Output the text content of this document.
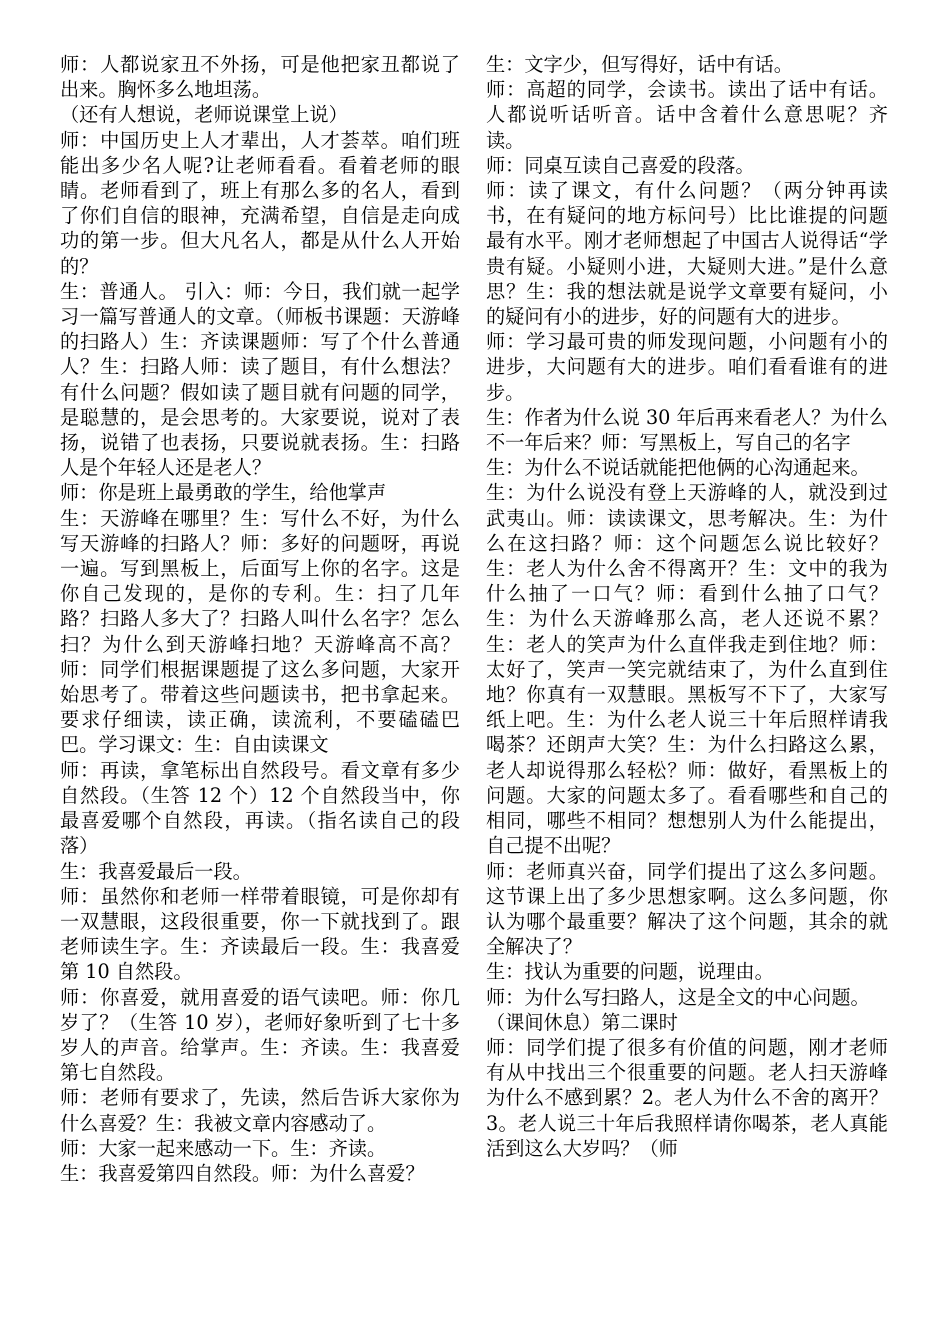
师：人都说家丑不外扬，可是他把家丑都说了出来。胸怀多么地坦荡。

（还有人想说，老师说课堂上说）

师：中国历史上人才辈出，人才荟萃。咱们班能出多少名人呢?让老师看看。看着老师的眼睛。老师看到了，班上有那么多的名人，看到了你们自信的眼神，充满希望，自信是走向成功的第一步。但大凡名人，都是从什么人开始的？

生：普通人。 引入：师：今日，我们就一起学习一篇写普通人的文章。（师板书课题：天游峰的扫路人）生：齐读课题师：写了个什么普通人？生：扫路人师：读了题目，有什么想法？有什么问题？假如读了题目就有问题的同学，是聪慧的，是会思考的。大家要说，说对了表扬，说错了也表扬，只要说就表扬。生：扫路人是个年轻人还是老人？

师：你是班上最勇敢的学生，给他掌声

生：天游峰在哪里？生：写什么不好，为什么写天游峰的扫路人？师：多好的问题呀，再说一遍。写到黑板上，后面写上你的名字。这是你自己发现的，是你的专利。生：扫了几年路？扫路人多大了？扫路人叫什么名字？怎么扫？为什么到天游峰扫地？天游峰高不高？师：同学们根据课题提了这么多问题，大家开始思考了。带着这些问题读书，把书拿起来。要求仔细读，读正确，读流利，不要磕磕巴巴。学习课文：生：自由读课文

师：再读，拿笔标出自然段号。看文章有多少自然段。（生答 12 个）12 个自然段当中，你最喜爱哪个自然段，再读。（指名读自己的段落）

生：我喜爱最后一段。

师：虽然你和老师一样带着眼镜，可是你却有一双慧眼，这段很重要，你一下就找到了。跟老师读生字。生：齐读最后一段。生：我喜爱第 10 自然段。

师：你喜爱，就用喜爱的语气读吧。师：你几岁了？（生答 10 岁），老师好象听到了七十多岁人的声音。给掌声。生：齐读。生：我喜爱第七自然段。

师：老师有要求了，先读，然后告诉大家你为什么喜爱？生：我被文章内容感动了。

师：大家一起来感动一下。生：齐读。

生：我喜爱第四自然段。师：为什么喜爱？

生：文字少，但写得好，话中有话。

师：高超的同学，会读书。读出了话中有话。人都说听话听音。话中含着什么意思呢？齐读。

师：同桌互读自己喜爱的段落。

师：读了课文，有什么问题？（两分钟再读书，在有疑问的地方标问号）比比谁提的问题最有水平。刚才老师想起了中国古人说得话“学贵有疑。小疑则小进，大疑则大进。”是什么意思？生：我的想法就是说学文章要有疑问，小的疑问有小的进步，好的问题有大的进步。

师：学习最可贵的师发现问题，小问题有小的进步，大问题有大的进步。咱们看看谁有的进步。

生：作者为什么说 30 年后再来看老人？为什么不一年后来？师：写黑板上，写自己的名字

生：为什么不说话就能把他俩的心沟通起来。

生：为什么说没有登上天游峰的人，就没到过武夷山。师：读读课文，思考解决。生：为什么在这扫路？师：这个问题怎么说比较好？生：老人为什么舍不得离开？生：文中的我为什么抽了一口气？师：看到什么抽了口气？生：为什么天游峰那么高，老人还说不累？生：老人的笑声为什么直伴我走到住地？师：太好了，笑声一笑完就结束了，为什么直到住地？你真有一双慧眼。黑板写不下了，大家写纸上吧。生：为什么老人说三十年后照样请我喝茶？还朗声大笑？生：为什么扫路这么累，老人却说得那么轻松？师：做好，看黑板上的问题。大家的问题太多了。看看哪些和自己的相同，哪些不相同？想想别人为什么能提出，自己提不出呢？

师：老师真兴奋，同学们提出了这么多问题。这节课上出了多少思想家啊。这么多问题，你认为哪个最重要？解决了这个问题，其余的就全解决了？

生：找认为重要的问题，说理由。

师：为什么写扫路人，这是全文的中心问题。

（课间休息）第二课时

师：同学们提了很多有价值的问题，刚才老师有从中找出三个很重要的问题。老人扫天游峰为什么不感到累？2。老人为什么不舍的离开？3。老人说三十年后我照样请你喝茶，老人真能活到这么大岁吗？（师
